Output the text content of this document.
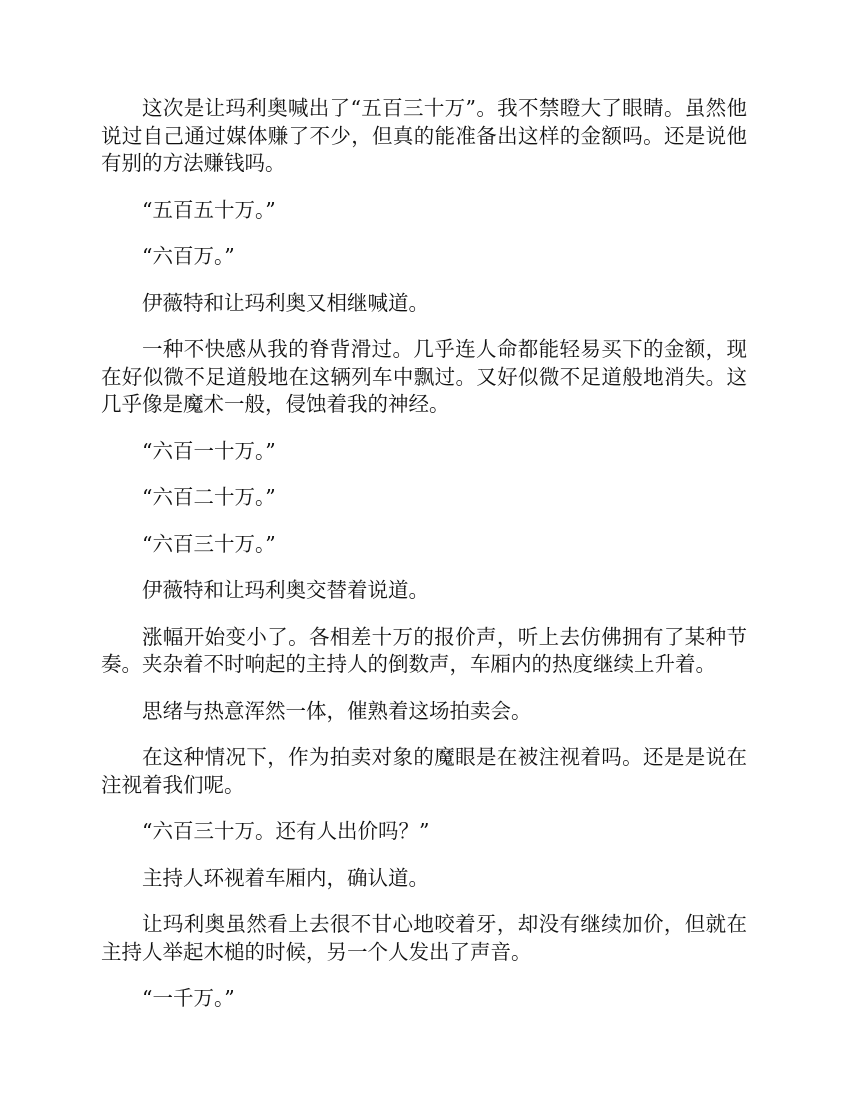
这次是让玛利奥喊出了“五百三十万”。我不禁瞪大了眼睛。虽然他说过自己通过媒体赚了不少，但真的能准备出这样的金额吗。还是说他有别的方法赚钱吗。

“五百五十万。”

“六百万。”

伊薇特和让玛利奥又相继喊道。

一种不快感从我的脊背滑过。几乎连人命都能轻易买下的金额，现在好似微不足道般地在这辆列车中飘过。又好似微不足道般地消失。这几乎像是魔术一般，侵蚀着我的神经。

“六百一十万。”

“六百二十万。”

“六百三十万。”

伊薇特和让玛利奥交替着说道。

涨幅开始变小了。各相差十万的报价声，听上去仿佛拥有了某种节奏。夹杂着不时响起的主持人的倒数声，车厢内的热度继续上升着。

思绪与热意浑然一体，催熟着这场拍卖会。

在这种情况下，作为拍卖对象的魔眼是在被注视着吗。还是是说在注视着我们呢。

“六百三十万。还有人出价吗？”

主持人环视着车厢内，确认道。

让玛利奥虽然看上去很不甘心地咬着牙，却没有继续加价，但就在主持人举起木槌的时候，另一个人发出了声音。

“一千万。”
